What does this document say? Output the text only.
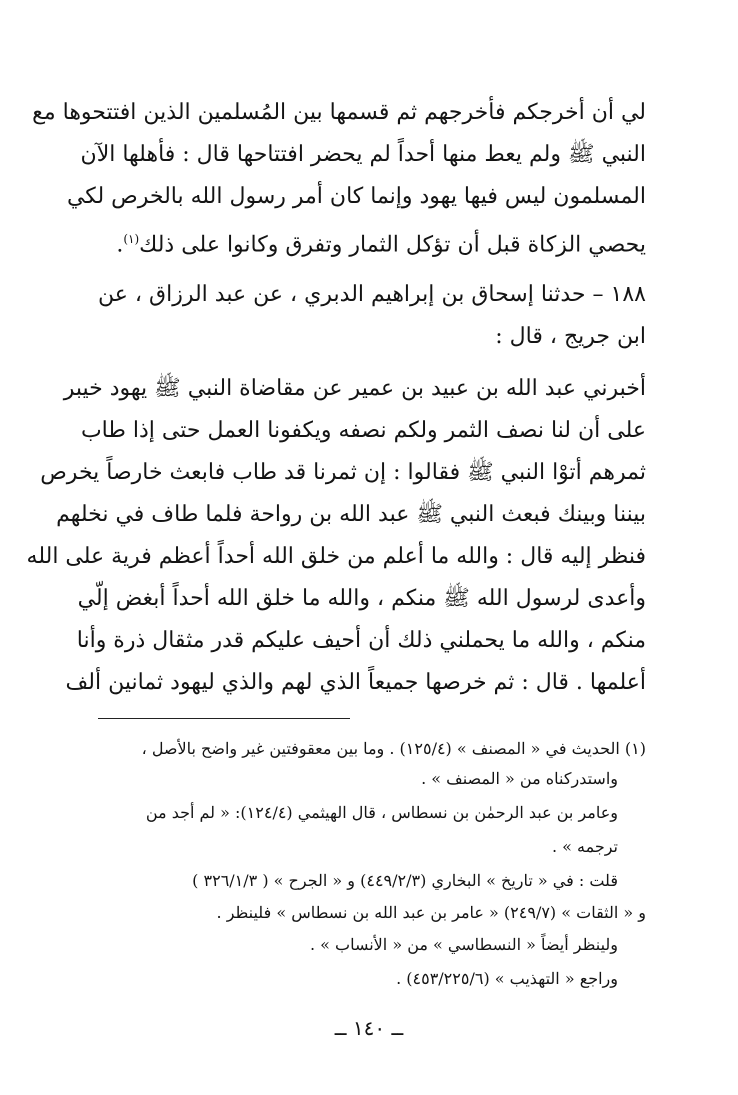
لي أن أخرجكم فأخرجهم ثم قسمها بين المُسلمين الذين افتتحوها مع
النبي ﷺ ولم يعط منها أحداً لم يحضر افتتاحها قال : فأهلها الآن
المسلمون ليس فيها يهود وإنما كان أمر رسول الله بالخرص لكي
يحصي الزكاة قبل أن تؤكل الثمار وتفرق وكانوا على ذلك$^{(١)}$.
١٨٨ – حدثنا إسحاق بن إبراهيم الدبري ، عن عبد الرزاق ، عن
ابن جريج ، قال :
أخبرني عبد الله بن عبيد بن عمير عن مقاضاة النبي ﷺ يهود خيبر
على أن لنا نصف الثمر ولكم نصفه ويكفونا العمل حتى إذا طاب
ثمرهم أتوْا النبي ﷺ فقالوا : إن ثمرنا قد طاب فابعث خارصاً يخرص
بيننا وبينك فبعث النبي ﷺ عبد الله بن رواحة فلما طاف في نخلهم
فنظر إليه قال : والله ما أعلم من خلق الله أحداً أعظم فرية على الله
وأعدى لرسول الله ﷺ منكم ، والله ما خلق الله أحداً أبغض إلّي
منكم ، والله ما يحملني ذلك أن أحيف عليكم قدر مثقال ذرة وأنا
أعلمها . قال : ثم خرصها جميعاً الذي لهم والذي ليهود ثمانين ألف
(١) الحديث في « المصنف » (١٢٥/٤) . وما بين معقوفتين غير واضح بالأصل ،
واستدركناه من « المصنف » .
وعامر بن عبد الرحمٰن بن نسطاس ، قال الهيثمي (١٢٤/٤): « لم أجد من
ترجمه » .
قلت : في « تاريخ » البخاري (٤٤٩/٢/٣) و « الجرح » ( ٣٢٦/١/٣ )
و « الثقات » (٢٤٩/٧) « عامر بن عبد الله بن نسطاس » فلينظر .
ولينظر أيضاً « النسطاسي » من « الأنساب » .
وراجع « التهذيب » (٤٥٣/٢٢٥/٦) .
ــ ١٤٠ ــ
